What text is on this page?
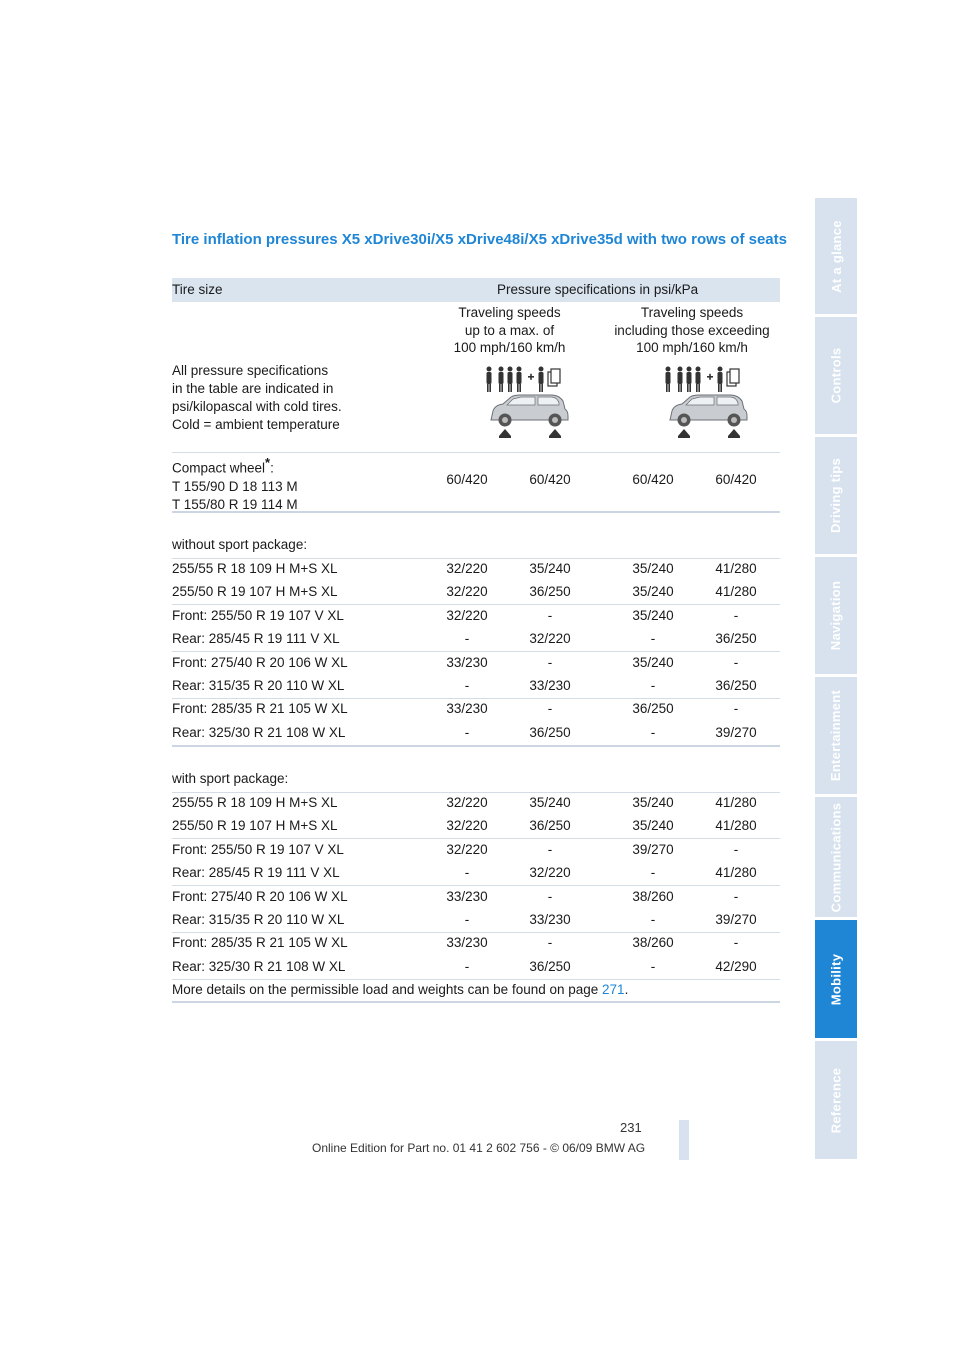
Tire inflation pressures X5 xDrive30i/X5 xDrive48i/X5 xDrive35d with two rows of seats
Tire size	Pressure specifications in psi/kPa
Traveling speeds
up to a max. of
100 mph/160 km/h
Traveling speeds
including those exceeding
100 mph/160 km/h
All pressure specifications
in the table are indicated in
psi/kilopascal with cold tires.
Cold = ambient temperature
Compact wheel*:
T 155/90 D 18 113 M
T 155/80 R 19 114 M
60/420	60/420	60/420	60/420
without sport package:
255/55 R 18 109 H M+S XL	32/220	35/240	35/240	41/280
255/50 R 19 107 H M+S XL	32/220	36/250	35/240	41/280
Front: 255/50 R 19 107 V XL	32/220	-	35/240	-
Rear: 285/45 R 19 111 V XL	-	32/220	-	36/250
Front: 275/40 R 20 106 W XL	33/230	-	35/240	-
Rear: 315/35 R 20 110 W XL	-	33/230	-	36/250
Front: 285/35 R 21 105 W XL	33/230	-	36/250	-
Rear: 325/30 R 21 108 W XL	-	36/250	-	39/270
with sport package:
255/55 R 18 109 H M+S XL	32/220	35/240	35/240	41/280
255/50 R 19 107 H M+S XL	32/220	36/250	35/240	41/280
Front: 255/50 R 19 107 V XL	32/220	-	39/270	-
Rear: 285/45 R 19 111 V XL	-	32/220	-	41/280
Front: 275/40 R 20 106 W XL	33/230	-	38/260	-
Rear: 315/35 R 20 110 W XL	-	33/230	-	39/270
Front: 285/35 R 21 105 W XL	33/230	-	38/260	-
Rear: 325/30 R 21 108 W XL	-	36/250	-	42/290
More details on the permissible load and weights can be found on page 271.
At a glance
Controls
Driving tips
Navigation
Entertainment
Communications
Mobility
Reference
231
Online Edition for Part no. 01 41 2 602 756 - © 06/09 BMW AG
